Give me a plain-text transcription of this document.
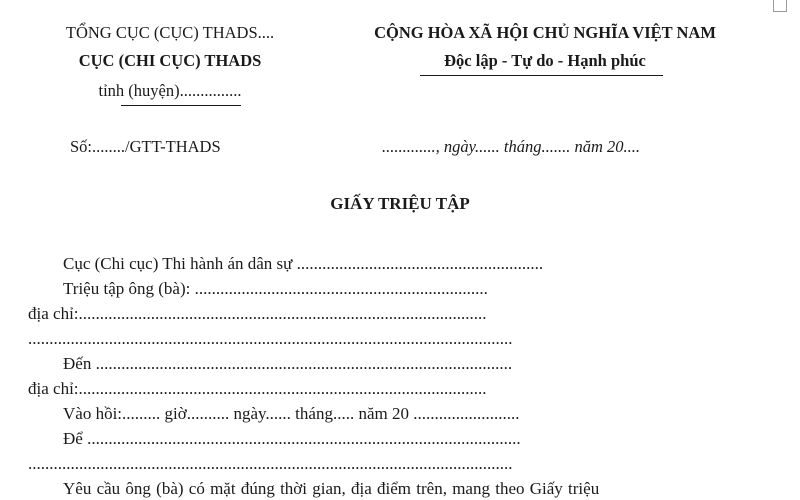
TỔNG CỤC (CỤC) THADS....
CỤC (CHI CỤC) THADS
tỉnh (huyện)...............
CỘNG HÒA XÃ HỘI CHỦ NGHĨA VIỆT NAM
Độc lập - Tự do - Hạnh phúc
Số:......../GTT-THADS	............., ngày...... tháng....... năm 20....
GIẤY TRIỆU TẬP
Cục (Chi cục) Thi hành án dân sự ..........................................................
Triệu tập ông (bà): .....................................................................
địa chỉ:................................................................................................
..................................................................................................................
Đến ..................................................................................................
địa chỉ:................................................................................................
Vào hồi:......... giờ.......... ngày...... tháng..... năm 20 .........................
Để ......................................................................................................
..................................................................................................................
Yêu cầu ông (bà) có mặt đúng thời gian, địa điểm trên, mang theo Giấy triệu
